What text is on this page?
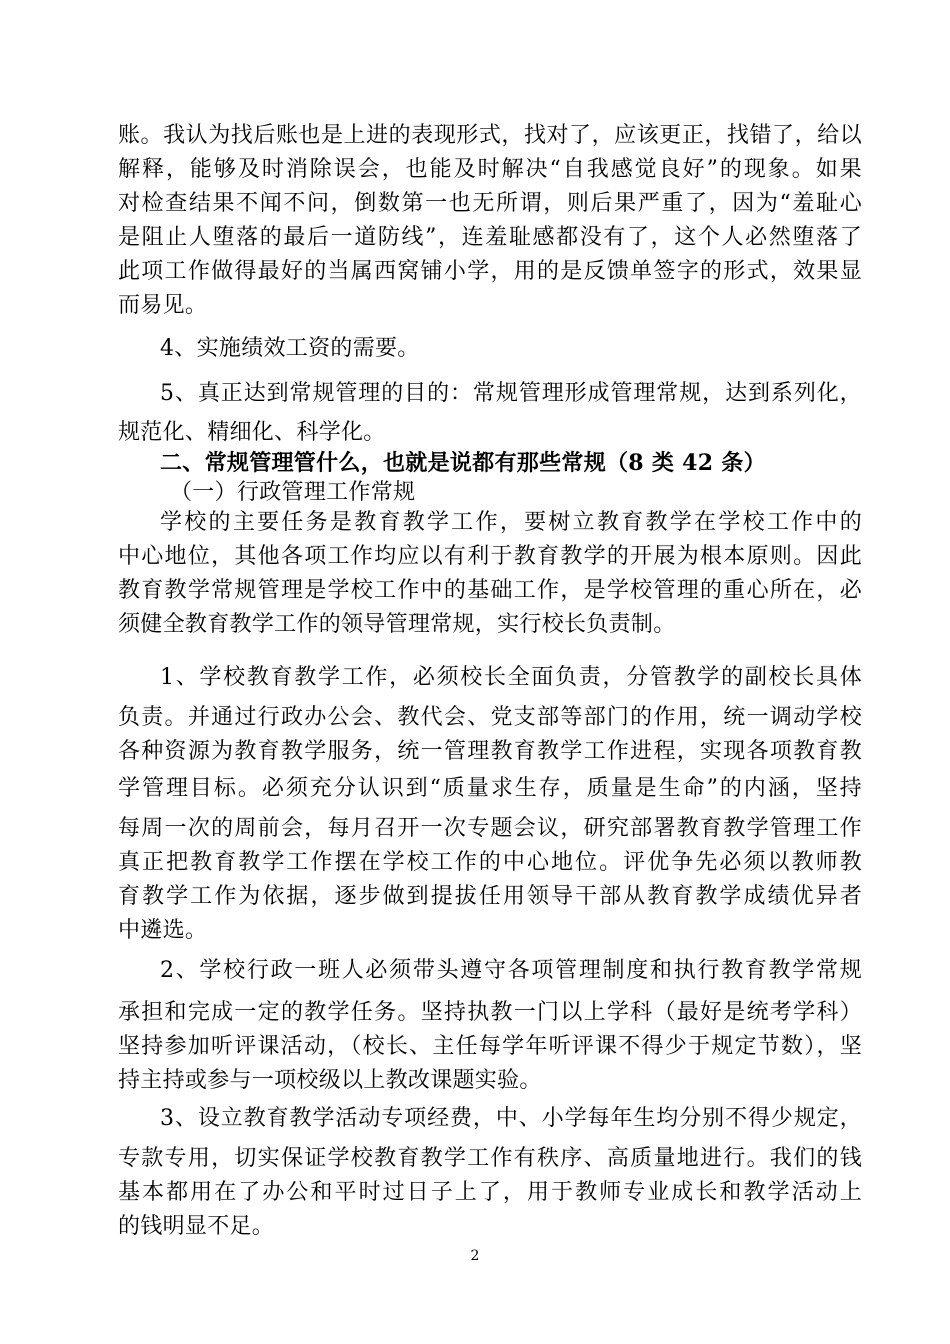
账。我认为找后账也是上进的表现形式，找对了，应该更正，找错了，给以
解释，能够及时消除误会，也能及时解决“自我感觉良好”的现象。如果
对检查结果不闻不问，倒数第一也无所谓，则后果严重了，因为“羞耻心
是阻止人堕落的最后一道防线”，连羞耻感都没有了，这个人必然堕落了
此项工作做得最好的当属西窝铺小学，用的是反馈单签字的形式，效果显
而易见。
4、实施绩效工资的需要。
5、真正达到常规管理的目的：常规管理形成管理常规，达到系列化，
规范化、精细化、科学化。
二、常规管理管什么，也就是说都有那些常规（8 类 42 条）
（一）行政管理工作常规
学校的主要任务是教育教学工作，要树立教育教学在学校工作中的
中心地位，其他各项工作均应以有利于教育教学的开展为根本原则。因此
教育教学常规管理是学校工作中的基础工作，是学校管理的重心所在，必
须健全教育教学工作的领导管理常规，实行校长负责制。
1、学校教育教学工作，必须校长全面负责，分管教学的副校长具体
负责。并通过行政办公会、教代会、党支部等部门的作用，统一调动学校
各种资源为教育教学服务，统一管理教育教学工作进程，实现各项教育教
学管理目标。必须充分认识到“质量求生存，质量是生命”的内涵，坚持
每周一次的周前会，每月召开一次专题会议，研究部署教育教学管理工作
真正把教育教学工作摆在学校工作的中心地位。评优争先必须以教师教
育教学工作为依据，逐步做到提拔任用领导干部从教育教学成绩优异者
中遴选。
2、学校行政一班人必须带头遵守各项管理制度和执行教育教学常规
承担和完成一定的教学任务。坚持执教一门以上学科（最好是统考学科）
坚持参加听评课活动，（校长、主任每学年听评课不得少于规定节数），坚
持主持或参与一项校级以上教改课题实验。
3、设立教育教学活动专项经费，中、小学每年生均分别不得少规定，
专款专用，切实保证学校教育教学工作有秩序、高质量地进行。我们的钱
基本都用在了办公和平时过日子上了，用于教师专业成长和教学活动上
的钱明显不足。
2
